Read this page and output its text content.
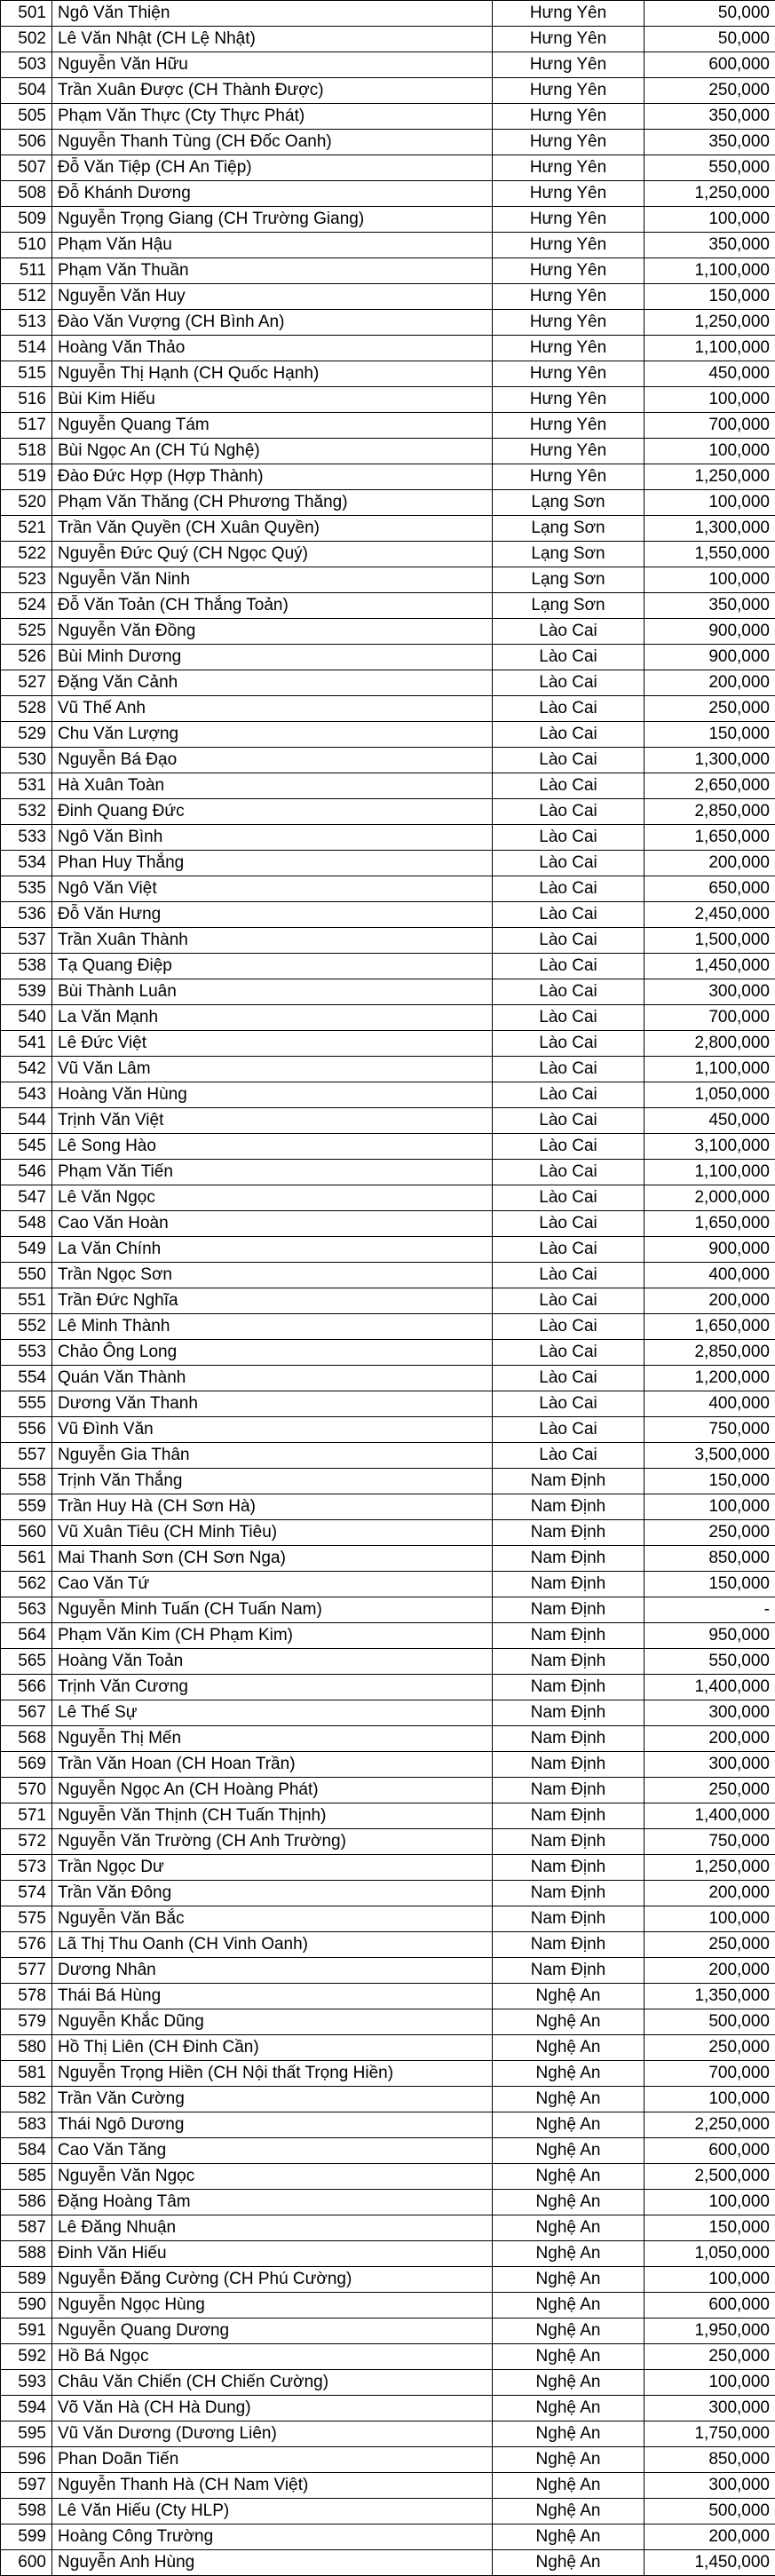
501	Ngô Văn Thiện	Hưng Yên	50,000
502	Lê Văn Nhật (CH Lệ Nhật)	Hưng Yên	50,000
503	Nguyễn Văn Hữu	Hưng Yên	600,000
504	Trần Xuân Được (CH Thành Được)	Hưng Yên	250,000
505	Phạm Văn Thực (Cty Thực Phát)	Hưng Yên	350,000
506	Nguyễn Thanh Tùng (CH Đốc Oanh)	Hưng Yên	350,000
507	Đỗ Văn Tiệp (CH An Tiệp)	Hưng Yên	550,000
508	Đỗ Khánh Dương	Hưng Yên	1,250,000
509	Nguyễn Trọng Giang (CH Trường Giang)	Hưng Yên	100,000
510	Phạm Văn Hậu	Hưng Yên	350,000
511	Phạm Văn Thuần	Hưng Yên	1,100,000
512	Nguyễn Văn Huy	Hưng Yên	150,000
513	Đào Văn Vượng (CH Bình An)	Hưng Yên	1,250,000
514	Hoàng Văn Thảo	Hưng Yên	1,100,000
515	Nguyễn Thị Hạnh (CH Quốc Hạnh)	Hưng Yên	450,000
516	Bùi Kim Hiếu	Hưng Yên	100,000
517	Nguyễn Quang Tám	Hưng Yên	700,000
518	Bùi Ngọc An (CH Tú Nghệ)	Hưng Yên	100,000
519	Đào Đức Hợp (Hợp Thành)	Hưng Yên	1,250,000
520	Phạm Văn Thăng (CH Phương Thăng)	Lạng Sơn	100,000
521	Trần Văn Quyền (CH Xuân Quyền)	Lạng Sơn	1,300,000
522	Nguyễn Đức Quý (CH Ngọc Quý)	Lạng Sơn	1,550,000
523	Nguyễn Văn Ninh	Lạng Sơn	100,000
524	Đỗ Văn Toản (CH Thắng Toản)	Lạng Sơn	350,000
525	Nguyễn Văn Đồng	Lào Cai	900,000
526	Bùi Minh Dương	Lào Cai	900,000
527	Đặng Văn Cảnh	Lào Cai	200,000
528	Vũ Thế Anh	Lào Cai	250,000
529	Chu Văn Lượng	Lào Cai	150,000
530	Nguyễn Bá Đạo	Lào Cai	1,300,000
531	Hà Xuân Toàn	Lào Cai	2,650,000
532	Đinh Quang Đức	Lào Cai	2,850,000
533	Ngô Văn Bình	Lào Cai	1,650,000
534	Phan Huy Thắng	Lào Cai	200,000
535	Ngô Văn Việt	Lào Cai	650,000
536	Đỗ Văn Hưng	Lào Cai	2,450,000
537	Trần Xuân Thành	Lào Cai	1,500,000
538	Tạ Quang Điệp	Lào Cai	1,450,000
539	Bùi Thành Luân	Lào Cai	300,000
540	La Văn Mạnh	Lào Cai	700,000
541	Lê Đức Việt	Lào Cai	2,800,000
542	Vũ Văn Lâm	Lào Cai	1,100,000
543	Hoàng Văn Hùng	Lào Cai	1,050,000
544	Trịnh Văn Việt	Lào Cai	450,000
545	Lê Song Hào	Lào Cai	3,100,000
546	Phạm Văn Tiến	Lào Cai	1,100,000
547	Lê Văn Ngọc	Lào Cai	2,000,000
548	Cao Văn Hoàn	Lào Cai	1,650,000
549	La Văn Chính	Lào Cai	900,000
550	Trần Ngọc Sơn	Lào Cai	400,000
551	Trần Đức Nghĩa	Lào Cai	200,000
552	Lê Minh Thành	Lào Cai	1,650,000
553	Chảo Ông Long	Lào Cai	2,850,000
554	Quán Văn Thành	Lào Cai	1,200,000
555	Dương Văn Thanh	Lào Cai	400,000
556	Vũ Đình Văn	Lào Cai	750,000
557	Nguyễn Gia Thân	Lào Cai	3,500,000
558	Trịnh Văn Thắng	Nam Định	150,000
559	Trần Huy Hà (CH Sơn Hà)	Nam Định	100,000
560	Vũ Xuân Tiêu (CH Minh Tiêu)	Nam Định	250,000
561	Mai Thanh Sơn (CH Sơn Nga)	Nam Định	850,000
562	Cao Văn Tứ	Nam Định	150,000
563	Nguyễn Minh Tuấn (CH Tuấn Nam)	Nam Định	-
564	Phạm Văn Kim (CH Phạm Kim)	Nam Định	950,000
565	Hoàng Văn Toản	Nam Định	550,000
566	Trịnh Văn Cương	Nam Định	1,400,000
567	Lê Thế Sự	Nam Định	300,000
568	Nguyễn Thị Mến	Nam Định	200,000
569	Trần Văn Hoan (CH Hoan Trần)	Nam Định	300,000
570	Nguyễn Ngọc An (CH Hoàng Phát)	Nam Định	250,000
571	Nguyễn Văn Thịnh (CH Tuấn Thịnh)	Nam Định	1,400,000
572	Nguyễn Văn Trường (CH Anh Trường)	Nam Định	750,000
573	Trần Ngọc Dư	Nam Định	1,250,000
574	Trần Văn Đông	Nam Định	200,000
575	Nguyễn Văn Bắc	Nam Định	100,000
576	Lã Thị Thu Oanh (CH Vinh Oanh)	Nam Định	250,000
577	Dương Nhân	Nam Định	200,000
578	Thái Bá Hùng	Nghệ An	1,350,000
579	Nguyễn Khắc Dũng	Nghệ An	500,000
580	Hồ Thị Liên (CH Đinh Cần)	Nghệ An	250,000
581	Nguyễn Trọng Hiền (CH Nội thất Trọng Hiền)	Nghệ An	700,000
582	Trần Văn Cường	Nghệ An	100,000
583	Thái Ngô Dương	Nghệ An	2,250,000
584	Cao Văn Tăng	Nghệ An	600,000
585	Nguyễn Văn Ngọc	Nghệ An	2,500,000
586	Đặng Hoàng Tâm	Nghệ An	100,000
587	Lê Đăng Nhuận	Nghệ An	150,000
588	Đinh Văn Hiếu	Nghệ An	1,050,000
589	Nguyễn Đăng Cường (CH Phú Cường)	Nghệ An	100,000
590	Nguyễn Ngọc Hùng	Nghệ An	600,000
591	Nguyễn Quang Dương	Nghệ An	1,950,000
592	Hồ Bá Ngọc	Nghệ An	250,000
593	Châu Văn Chiến (CH Chiến Cường)	Nghệ An	100,000
594	Võ Văn Hà (CH Hà Dung)	Nghệ An	300,000
595	Vũ Văn Dương (Dương Liên)	Nghệ An	1,750,000
596	Phan Doãn Tiến	Nghệ An	850,000
597	Nguyễn Thanh Hà (CH Nam Việt)	Nghệ An	300,000
598	Lê Văn Hiếu (Cty HLP)	Nghệ An	500,000
599	Hoàng Công Trường	Nghệ An	200,000
600	Nguyễn Anh Hùng	Nghệ An	1,450,000
